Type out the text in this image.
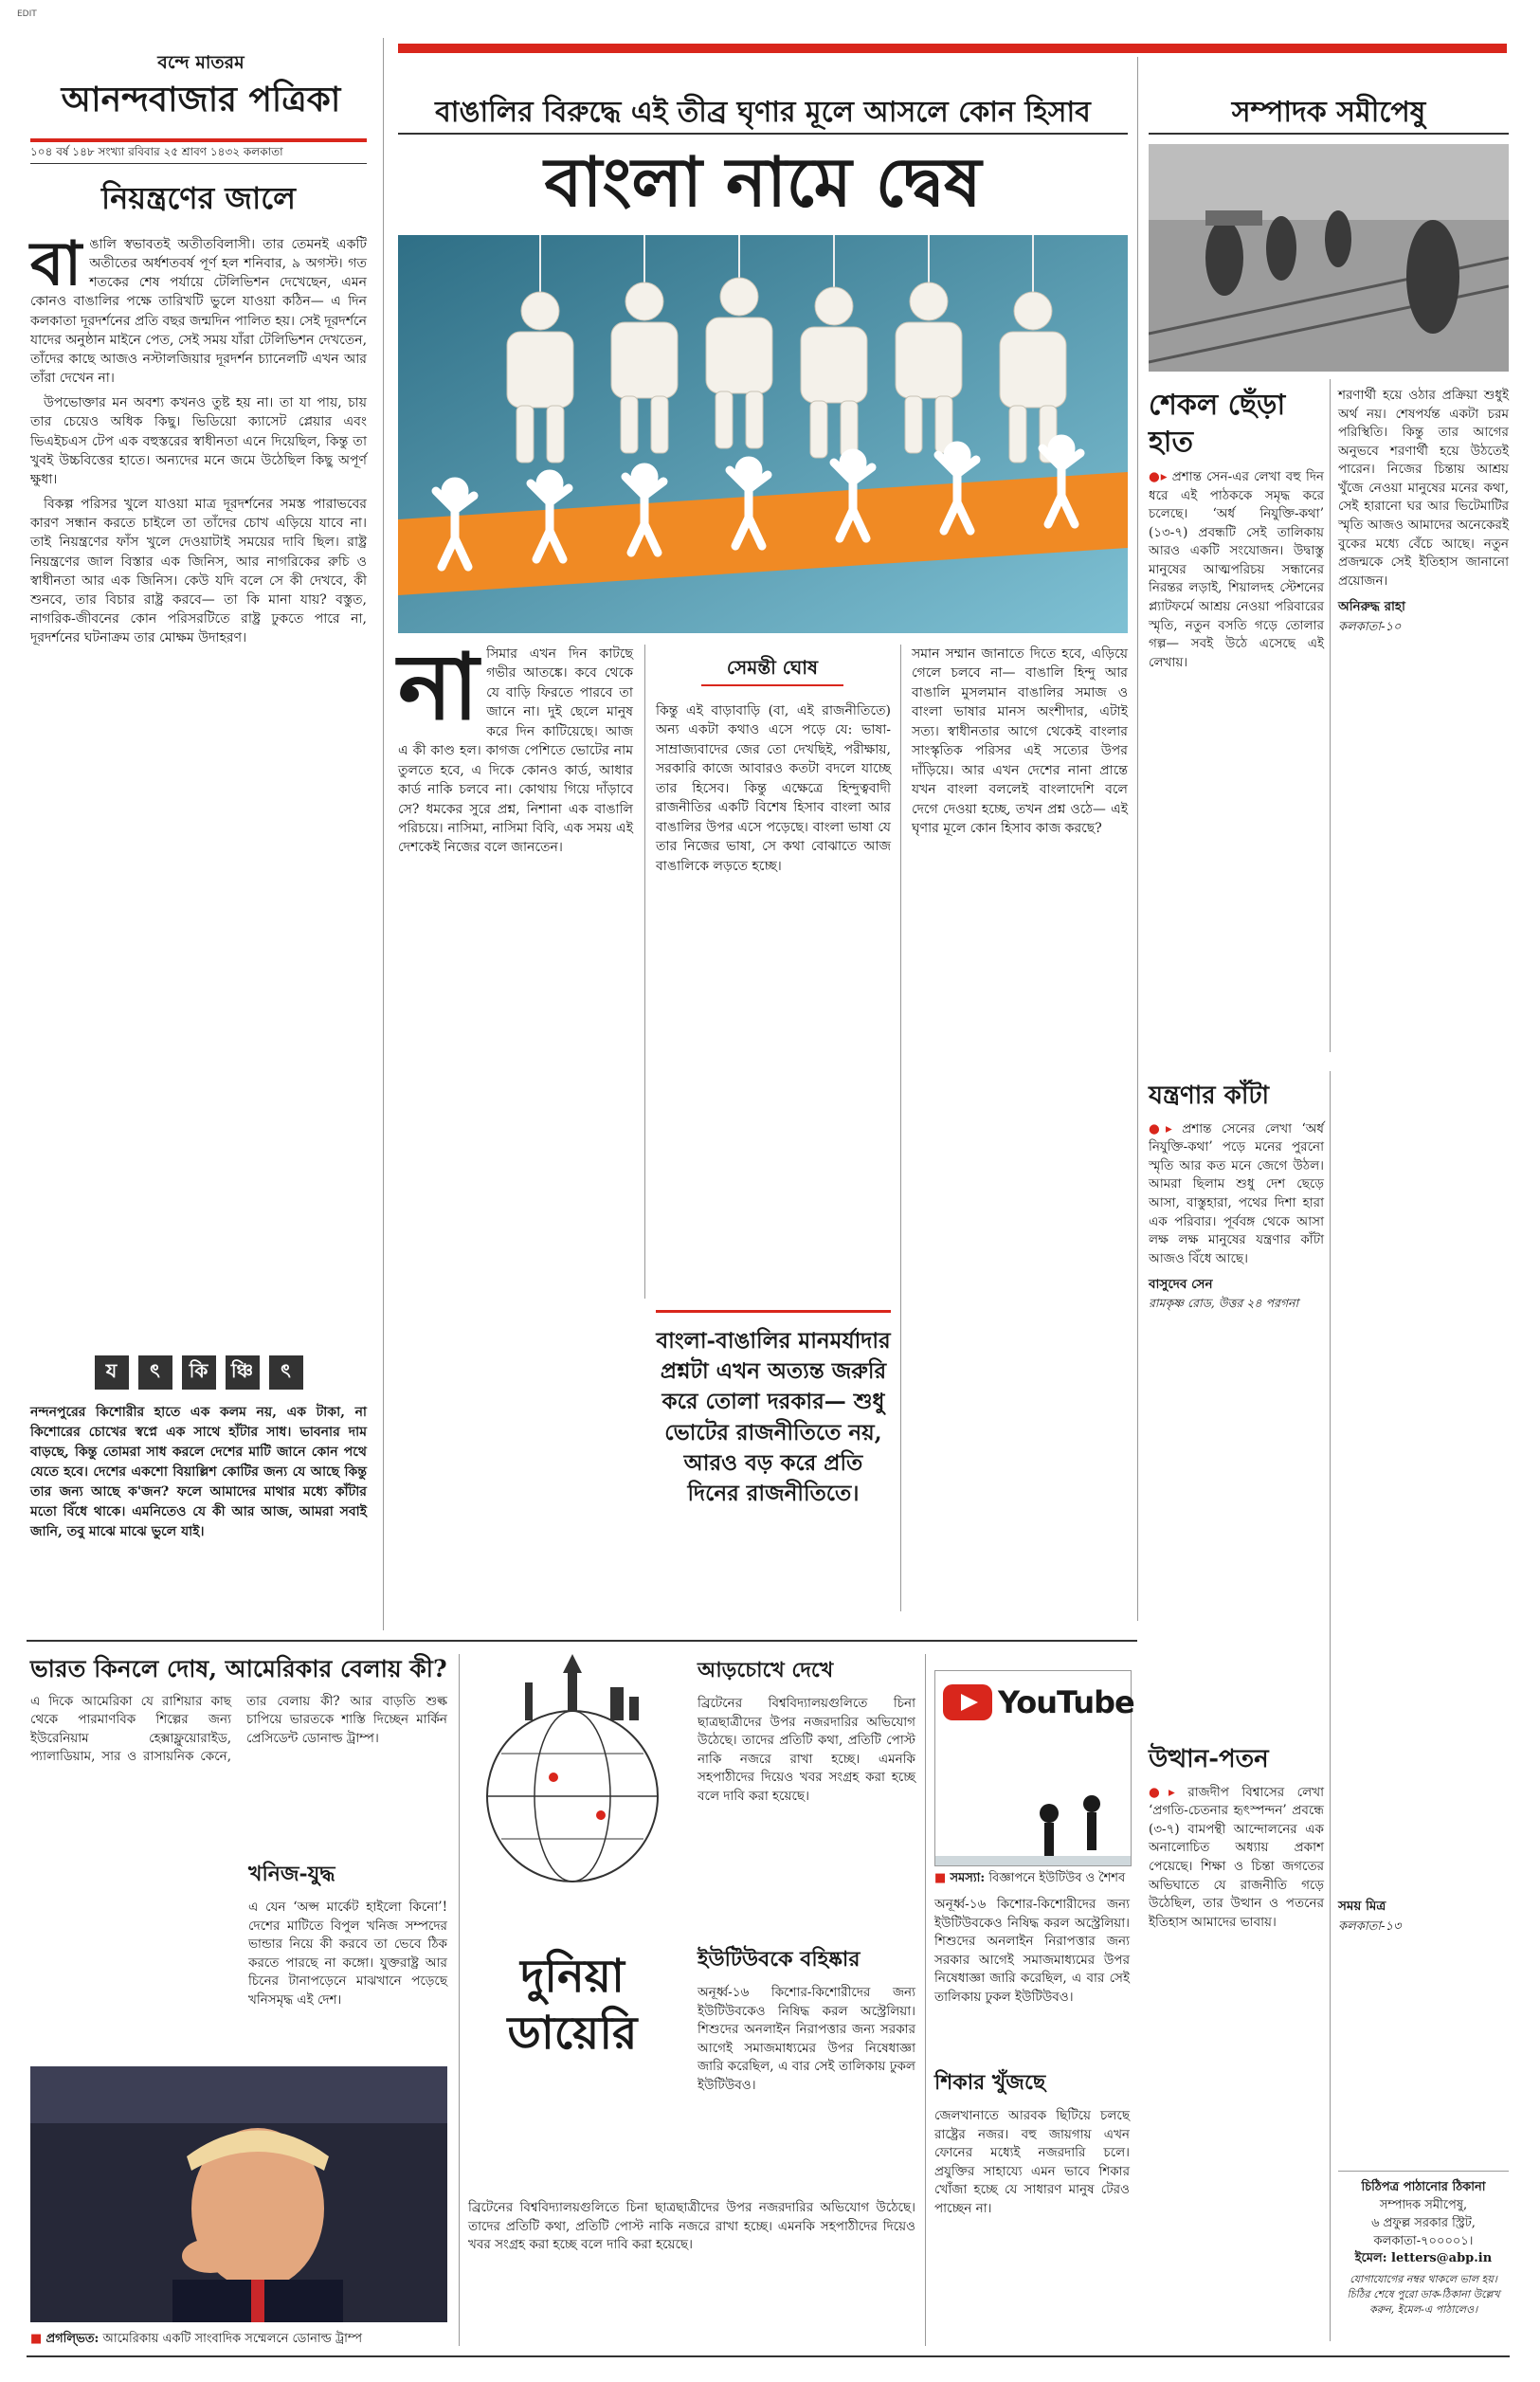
EDIT
বন্দে মাতরম
আনন্দবাজার পত্রিকা
১০৪ বর্ষ ১৪৮ সংখ্যা রবিবার ২৫ শ্রাবণ ১৪৩২ কলকাতা
নিয়ন্ত্রণের জালে
বা ঙালি স্বভাবতই অতীতবিলাসী। তার তেমনই একটি অতীতের অর্ধশতবর্ষ পূর্ণ হল শনিবার, ৯ অগস্ট। গত শতকের শেষ পর্যায়ে টেলিভিশন দেখেছেন, এমন কোনও বাঙালির পক্ষে তারিখটি ভুলে যাওয়া কঠিন— এ দিন কলকাতা দূরদর্শনের প্রতি বছর জন্মদিন পালিত হয়। সেই দূরদর্শনে যাদের অনুষ্ঠান মাইনে পেত, সেই সময় যাঁরা টেলিভিশন দেখতেন, তাঁদের কাছে আজও নস্টালজিয়ার দূরদর্শন চ্যানেলটি এখন আর তাঁরা দেখেন না।
উপভোক্তার মন অবশ্য কখনও তুষ্ট হয় না। তা যা পায়, চায় তার চেয়েও অধিক কিছু। ভিডিয়ো ক্যাসেট প্লেয়ার এবং ভিএইচএস টেপ এক বহুস্তরের স্বাধীনতা এনে দিয়েছিল, কিন্তু তা খুবই উচ্চবিত্তের হাতে। অন্যদের মনে জমে উঠেছিল কিছু অপূর্ণ ক্ষুধা।
বিকল্প পরিসর খুলে যাওয়া মাত্র দূরদর্শনের সমস্ত পারাভবের কারণ সন্ধান করতে চাইলে তা তাঁদের চোখ এড়িয়ে যাবে না। তাই নিয়ন্ত্রণের ফাঁস খুলে দেওয়াটাই সময়ের দাবি ছিল। রাষ্ট্র নিয়ন্ত্রণের জাল বিস্তার এক জিনিস, আর নাগরিকের রুচি ও স্বাধীনতা আর এক জিনিস। কেউ যদি বলে সে কী দেখবে, কী শুনবে, তার বিচার রাষ্ট্র করবে— তা কি মানা যায়? বস্তুত, নাগরিক-জীবনের কোন পরিসরটিতে রাষ্ট্র ঢুকতে পারে না, দূরদর্শনের ঘটনাক্রম তার মোক্ষম উদাহরণ।
য	ৎ	কি	ঞ্চি	ৎ
নন্দনপুরের কিশোরীর হাতে এক কলম নয়, এক টাকা, না কিশোরের চোখের স্বপ্নে এক সাথে হাঁটার সাধ। ভাবনার দাম বাড়ছে, কিন্তু তোমরা সাধ করলে দেশের মাটি জানে কোন পথে যেতে হবে। দেশের একশো বিয়াল্লিশ কোটির জন্য যে আছে কিন্তু তার জন্য আছে ক'জন? ফলে আমাদের মাথার মধ্যে কাঁটার মতো বিঁধে থাকে। এমনিতেও যে কী আর আজ, আমরা সবাই জানি, তবু মাঝে মাঝে ভুলে যাই।
বাঙালির বিরুদ্ধে এই তীব্র ঘৃণার মূলে আসলে কোন হিসাব
বাংলা নামে দ্বেষ
সেমন্তী ঘোষ
না সিমার এখন দিন কাটছে গভীর আতঙ্কে। কবে থেকে যে বাড়ি ফিরতে পারবে তা জানে না। দুই ছেলে মানুষ করে দিন কাটিয়েছে। আজ এ কী কাণ্ড হল। কাগজ পেশিতে ভোটের নাম তুলতে হবে, এ দিকে কোনও কার্ড, আধার কার্ড নাকি চলবে না। কোথায় গিয়ে দাঁড়াবে সে? ধমকের সুরে প্রশ্ন, নিশানা এক বাঙালি পরিচয়ে। নাসিমা, নাসিমা বিবি, এক সময় এই দেশকেই নিজের বলে জানতেন।
কিন্তু এই বাড়াবাড়ি (বা, এই রাজনীতিতে) অন্য একটা কথাও এসে পড়ে যে: ভাষা-সাম্রাজ্যবাদের জের তো দেখছিই, পরীক্ষায়, সরকারি কাজে আবারও কতটা বদলে যাচ্ছে তার হিসেব। কিন্তু এক্ষেত্রে হিন্দুত্ববাদী রাজনীতির একটি বিশেষ হিসাব বাংলা আর বাঙালির উপর এসে পড়েছে। বাংলা ভাষা যে তার নিজের ভাষা, সে কথা বোঝাতে আজ বাঙালিকে লড়তে হচ্ছে।
সমান সম্মান জানাতে দিতে হবে, এড়িয়ে গেলে চলবে না— বাঙালি হিন্দু আর বাঙালি মুসলমান বাঙালির সমাজ ও বাংলা ভাষার মানস অংশীদার, এটাই সত্য। স্বাধীনতার আগে থেকেই বাংলার সাংস্কৃতিক পরিসর এই সত্যের উপর দাঁড়িয়ে। আর এখন দেশের নানা প্রান্তে যখন বাংলা বললেই বাংলাদেশি বলে দেগে দেওয়া হচ্ছে, তখন প্রশ্ন ওঠে— এই ঘৃণার মূলে কোন হিসাব কাজ করছে?
বাংলা-বাঙালির মানমর্যাদার প্রশ্নটা এখন অত্যন্ত জরুরি করে তোলা দরকার— শুধু ভোটের রাজনীতিতে নয়, আরও বড় করে প্রতি দিনের রাজনীতিতে।
সম্পাদক সমীপেষু
শেকল ছেঁড়া হাত
●▸ প্রশান্ত সেন-এর লেখা বহু দিন ধরে এই পাঠককে সমৃদ্ধ করে চলেছে। ‘অর্ধ নিযুক্তি-কথা’ (১৩-৭) প্রবন্ধটি সেই তালিকায় আরও একটি সংযোজন। উদ্বাস্তু মানুষের আত্মপরিচয় সন্ধানের নিরন্তর লড়াই, শিয়ালদহ স্টেশনের প্ল্যাটফর্মে আশ্রয় নেওয়া পরিবারের স্মৃতি, নতুন বসতি গড়ে তোলার গল্প— সবই উঠে এসেছে এই লেখায়।
শরণার্থী হয়ে ওঠার প্রক্রিয়া শুধুই অর্থ নয়। শেষপর্যন্ত একটা চরম পরিস্থিতি। কিন্তু তার আগের অনুভবে শরণার্থী হয়ে উঠতেই পারেন। নিজের চিন্তায় আশ্রয় খুঁজে নেওয়া মানুষের মনের কথা, সেই হারানো ঘর আর ভিটেমাটির স্মৃতি আজও আমাদের অনেকেরই বুকের মধ্যে বেঁচে আছে। নতুন প্রজন্মকে সেই ইতিহাস জানানো প্রয়োজন।
অনিরুদ্ধ রাহা
কলকাতা-১০
যন্ত্রণার কাঁটা
●▸ প্রশান্ত সেনের লেখা ‘অর্ধ নিযুক্তি-কথা’ পড়ে মনের পুরনো স্মৃতি আর কত মনে জেগে উঠল। আমরা ছিলাম শুধু দেশ ছেড়ে আসা, বাস্তুহারা, পথের দিশা হারা এক পরিবার। পূর্ববঙ্গ থেকে আসা লক্ষ লক্ষ মানুষের যন্ত্রণার কাঁটা আজও বিঁধে আছে।
বাসুদেব সেন
রামকৃষ্ণ রোড, উত্তর ২৪ পরগনা
উত্থান-পতন
●▸ রাজদীপ বিশ্বাসের লেখা ‘প্রগতি-চেতনার হৃৎস্পন্দন’ প্রবন্ধে (৩-৭) বামপন্থী আন্দোলনের এক অনালোচিত অধ্যায় প্রকাশ পেয়েছে। শিক্ষা ও চিন্তা জগতের অভিঘাতে যে রাজনীতি গড়ে উঠেছিল, তার উত্থান ও পতনের ইতিহাস আমাদের ভাবায়।
সময় মিত্র
কলকাতা-১৩
চিঠিপত্র পাঠানোর ঠিকানা
সম্পাদক সমীপেষু,
৬ প্রফুল্ল সরকার স্ট্রিট,
কলকাতা-৭০০০০১।
ইমেল: letters@abp.in
যোগাযোগের নম্বর থাকলে ভাল হয়। চিঠির শেষে পুরো ডাক-ঠিকানা উল্লেখ করুন, ইমেল-এ পাঠালেও।
ভারত কিনলে দোষ, আমেরিকার বেলায় কী?
এ দিকে আমেরিকা যে রাশিয়ার কাছ থেকে পারমাণবিক শিল্পের জন্য ইউরেনিয়াম হেক্সাফ্লুয়োরাইড, প্যালাডিয়াম, সার ও রাসায়নিক কেনে, তার বেলায় কী? আর বাড়তি শুল্ক চাপিয়ে ভারতকে শাস্তি দিচ্ছেন মার্কিন প্রেসিডেন্ট ডোনাল্ড ট্রাম্প।
খনিজ-যুদ্ধ
এ যেন ‘অপ্স মার্কেট হাইলো কিনো’! দেশের মাটিতে বিপুল খনিজ সম্পদের ভান্ডার নিয়ে কী করবে তা ভেবে ঠিক করতে পারছে না কঙ্গো। যুক্তরাষ্ট্র আর চিনের টানাপড়েনে মাঝখানে পড়েছে খনিসমৃদ্ধ এই দেশ।
■ প্রগল্ভিত: আমেরিকায় একটি সাংবাদিক সম্মেলনে ডোনাল্ড ট্রাম্প
দুনিয়া
ডায়েরি
আড়চোখে দেখে
ব্রিটেনের বিশ্ববিদ্যালয়গুলিতে চিনা ছাত্রছাত্রীদের উপর নজরদারির অভিযোগ উঠেছে। তাদের প্রতিটি কথা, প্রতিটি পোস্ট নাকি নজরে রাখা হচ্ছে। এমনকি সহপাঠীদের দিয়েও খবর সংগ্রহ করা হচ্ছে বলে দাবি করা হয়েছে।
ইউটিউবকে বহিষ্কার
অনূর্ধ্ব-১৬ কিশোর-কিশোরীদের জন্য ইউটিউবকেও নিষিদ্ধ করল অস্ট্রেলিয়া। শিশুদের অনলাইন নিরাপত্তার জন্য সরকার আগেই সমাজমাধ্যমের উপর নিষেধাজ্ঞা জারি করেছিল, এ বার সেই তালিকায় ঢুকল ইউটিউবও।
ব্রিটেনের বিশ্ববিদ্যালয়গুলিতে চিনা ছাত্রছাত্রীদের উপর নজরদারির অভিযোগ উঠেছে। তাদের প্রতিটি কথা, প্রতিটি পোস্ট নাকি নজরে রাখা হচ্ছে। এমনকি সহপাঠীদের দিয়েও খবর সংগ্রহ করা হচ্ছে বলে দাবি করা হয়েছে।
YouTube
■ সমস্যা: বিজ্ঞাপনে ইউটিউব ও শৈশব
অনূর্ধ্ব-১৬ কিশোর-কিশোরীদের জন্য ইউটিউবকেও নিষিদ্ধ করল অস্ট্রেলিয়া। শিশুদের অনলাইন নিরাপত্তার জন্য সরকার আগেই সমাজমাধ্যমের উপর নিষেধাজ্ঞা জারি করেছিল, এ বার সেই তালিকায় ঢুকল ইউটিউবও।
শিকার খুঁজছে
জেলখানাতে আরবক ছিটিয়ে চলছে রাষ্ট্রের নজর। বহু জায়গায় এখন ফোনের মধ্যেই নজরদারি চলে। প্রযুক্তির সাহায্যে এমন ভাবে শিকার খোঁজা হচ্ছে যে সাধারণ মানুষ টেরও পাচ্ছেন না।
